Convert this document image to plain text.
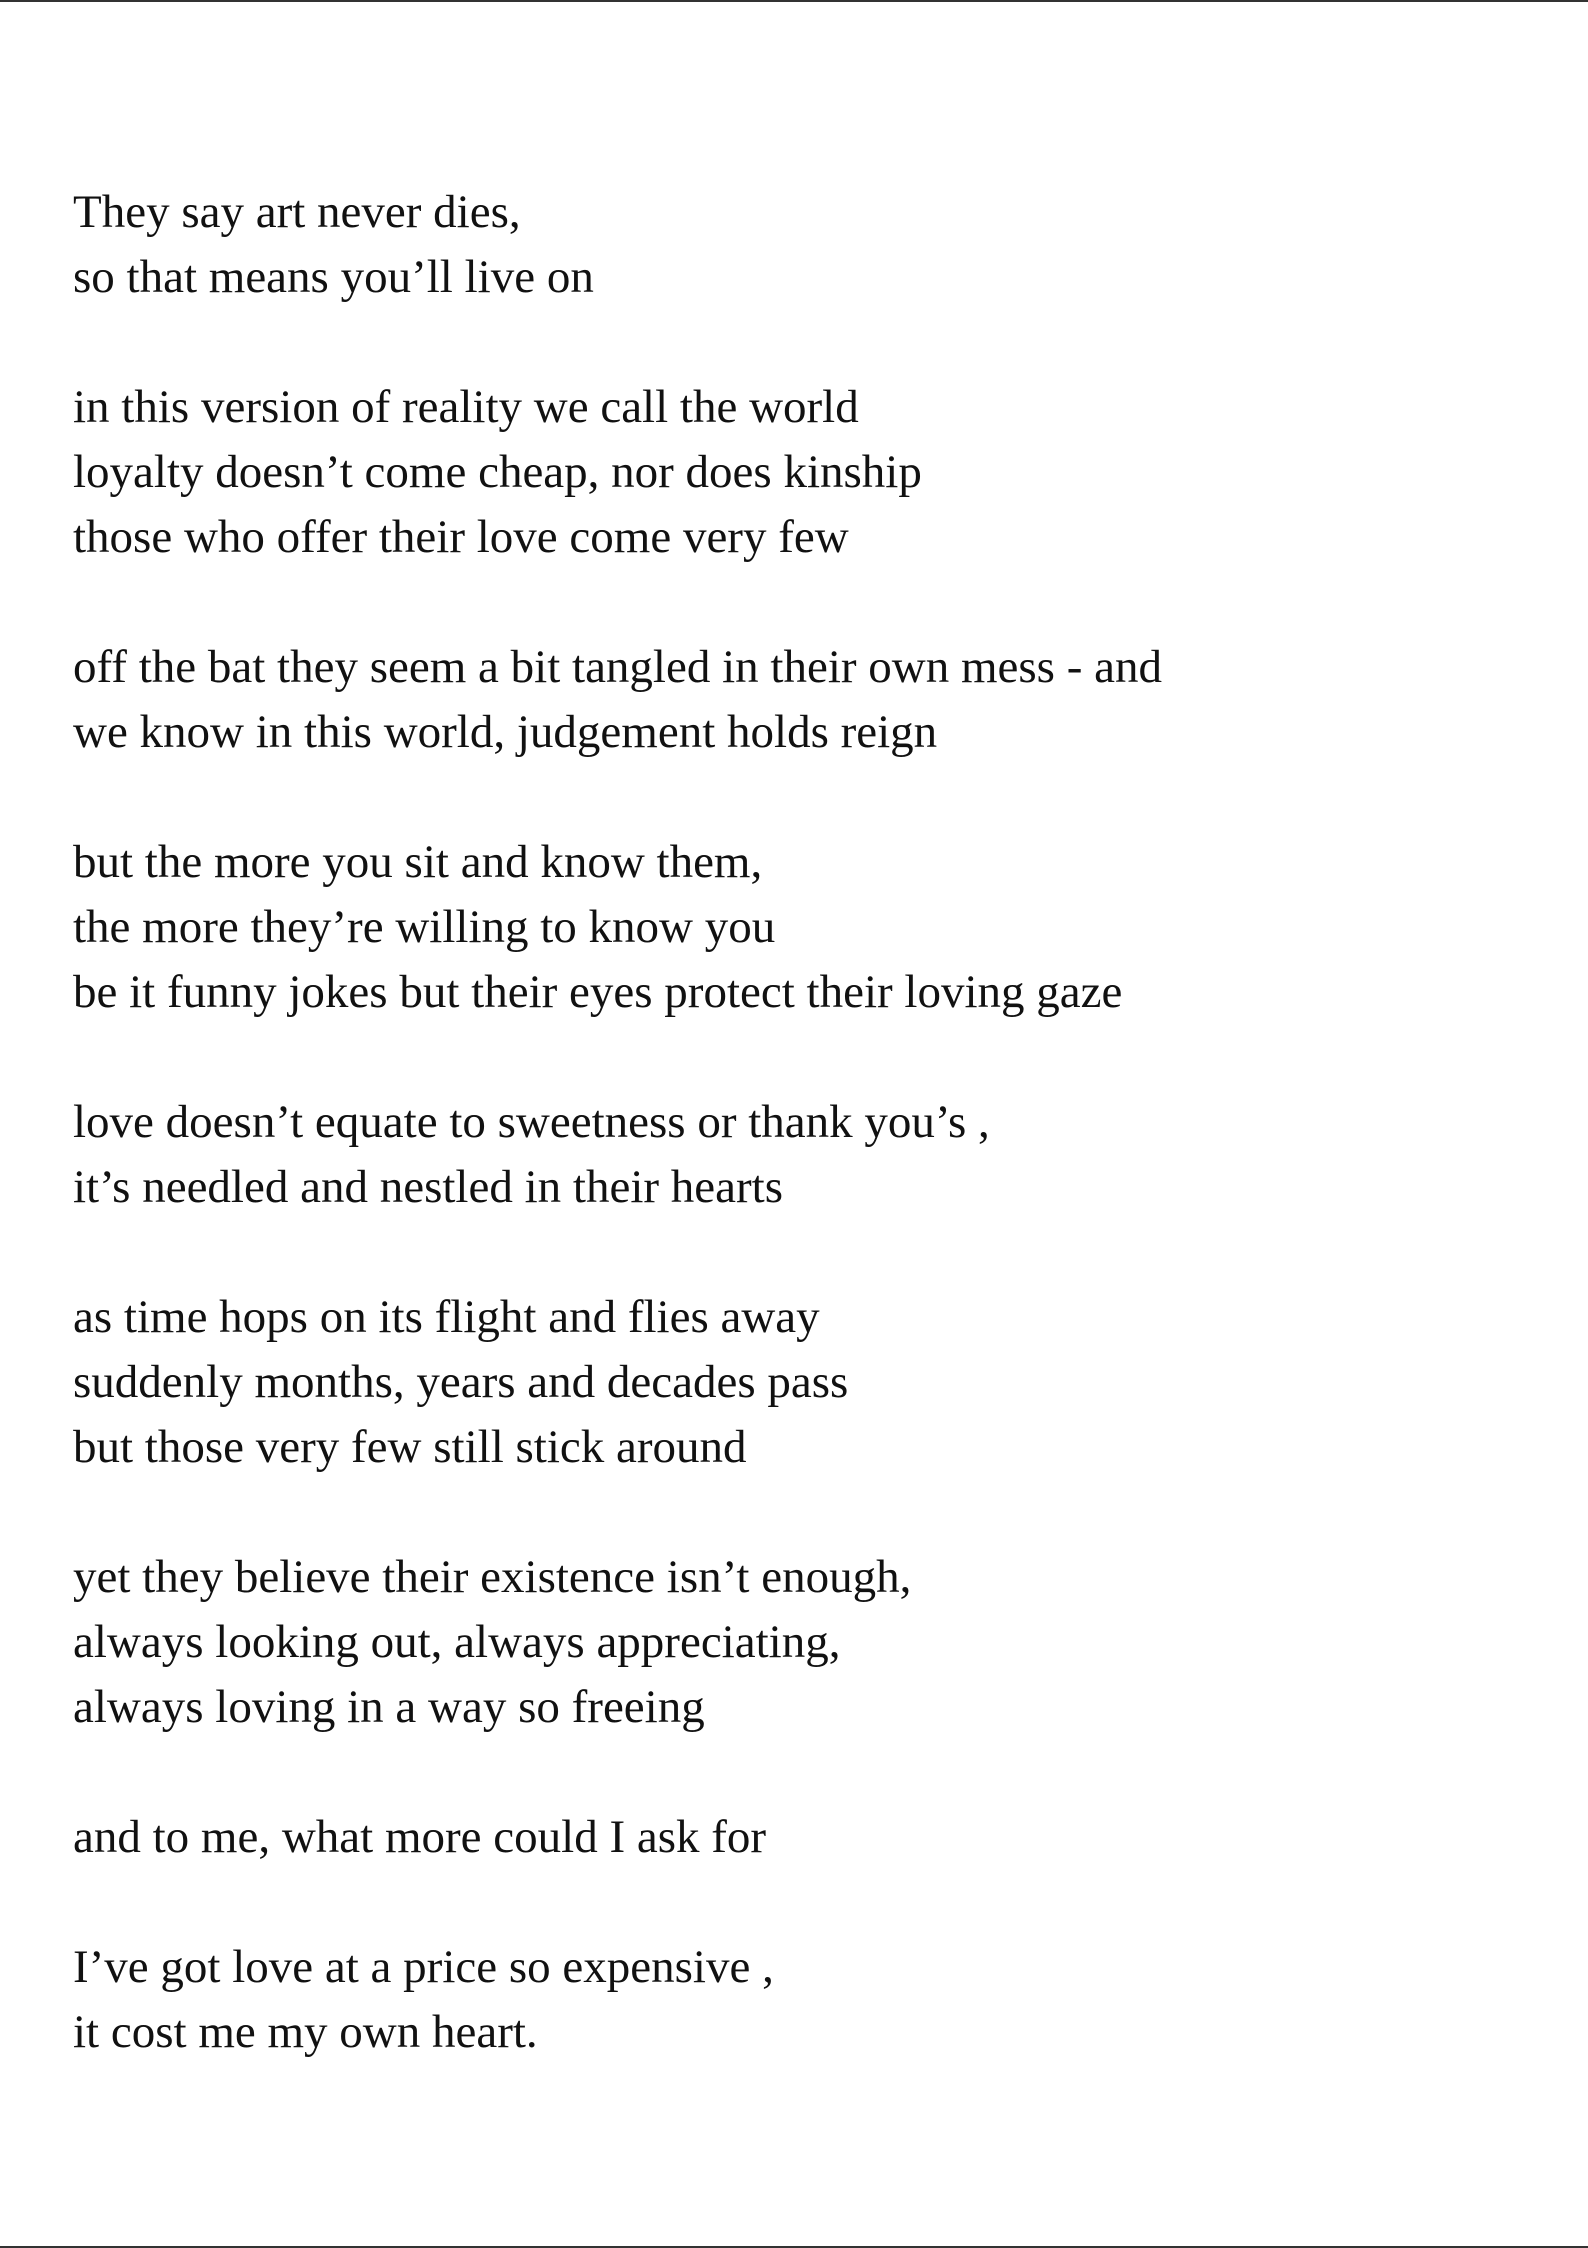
They say art never dies,
so that means you’ll live on
in this version of reality we call the world
loyalty doesn’t come cheap, nor does kinship
those who offer their love come very few
off the bat they seem a bit tangled in their own mess - and
we know in this world, judgement holds reign
but the more you sit and know them,
the more they’re willing to know you
be it funny jokes but their eyes protect their loving gaze
love doesn’t equate to sweetness or thank you’s ,
it’s needled and nestled in their hearts
as time hops on its flight and flies away
suddenly months, years and decades pass
but those very few still stick around
yet they believe their existence isn’t enough,
always looking out, always appreciating,
always loving in a way so freeing
and to me, what more could I ask for
I’ve got love at a price so expensive ,
it cost me my own heart.
